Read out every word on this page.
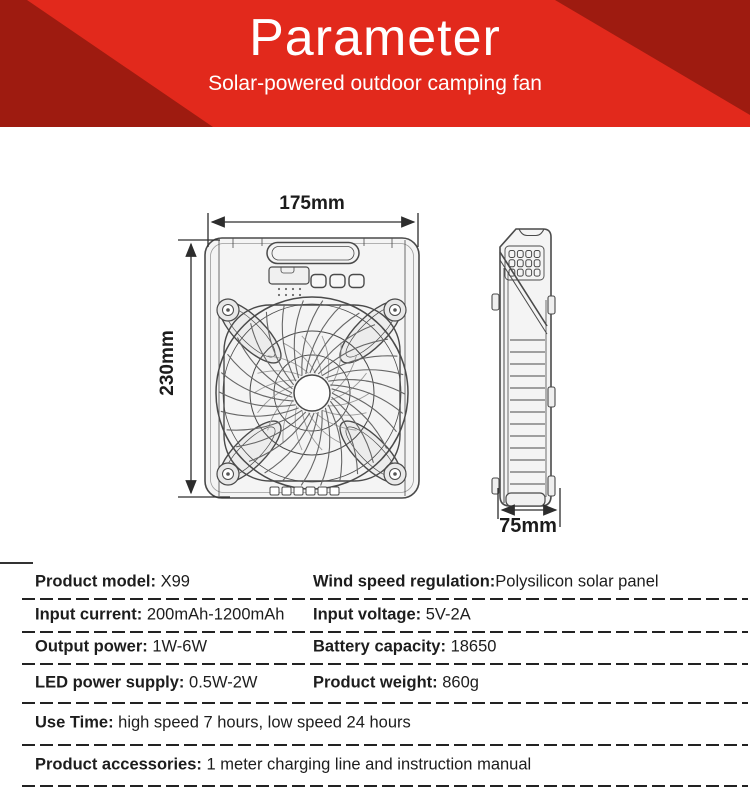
Parameter
Solar-powered outdoor camping fan
175mm
230mm
75mm
Product model: X99	Wind speed regulation:Polysilicon solar panel
Input current: 200mAh-1200mAh Input voltage: 5V-2A
Output power: 1W-6W	Battery capacity: 18650
LED power supply: 0.5W-2W	Product weight: 860g
Use Time: high speed 7 hours, low speed 24 hours
Product accessories: 1 meter charging line and instruction manual
